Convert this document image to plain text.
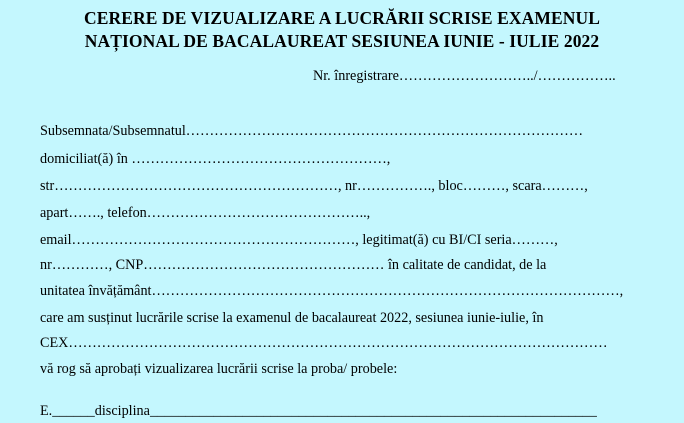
CERERE DE VIZUALIZARE A LUCRĂRII SCRISE EXAMENUL
NAȚIONAL DE BACALAUREAT SESIUNEA IUNIE - IULIE 2022
Nr. înregistrare………………………../……………..
Subsemnata/Subsemnatul…………………………………………………………………………
domiciliat(ă) în ………………………………………………,
str……………………………………………………, nr……………., bloc………, scara………,
apart……., telefon………………………………………..,
email……………………………………………………, legitimat(ă) cu BI/CI seria………,
nr…………, CNP…………………………………………… în calitate de candidat, de la
unitatea învățământ………………………………………………………………………………………,
care am susținut lucrările scrise la examenul de bacalaureat 2022, sesiunea iunie-iulie, în
CEX……………………………………………………………………………………………………
vă rog să aprobați vizualizarea lucrării scrise la proba/ probele:
E.______disciplina_______________________________________________________________
